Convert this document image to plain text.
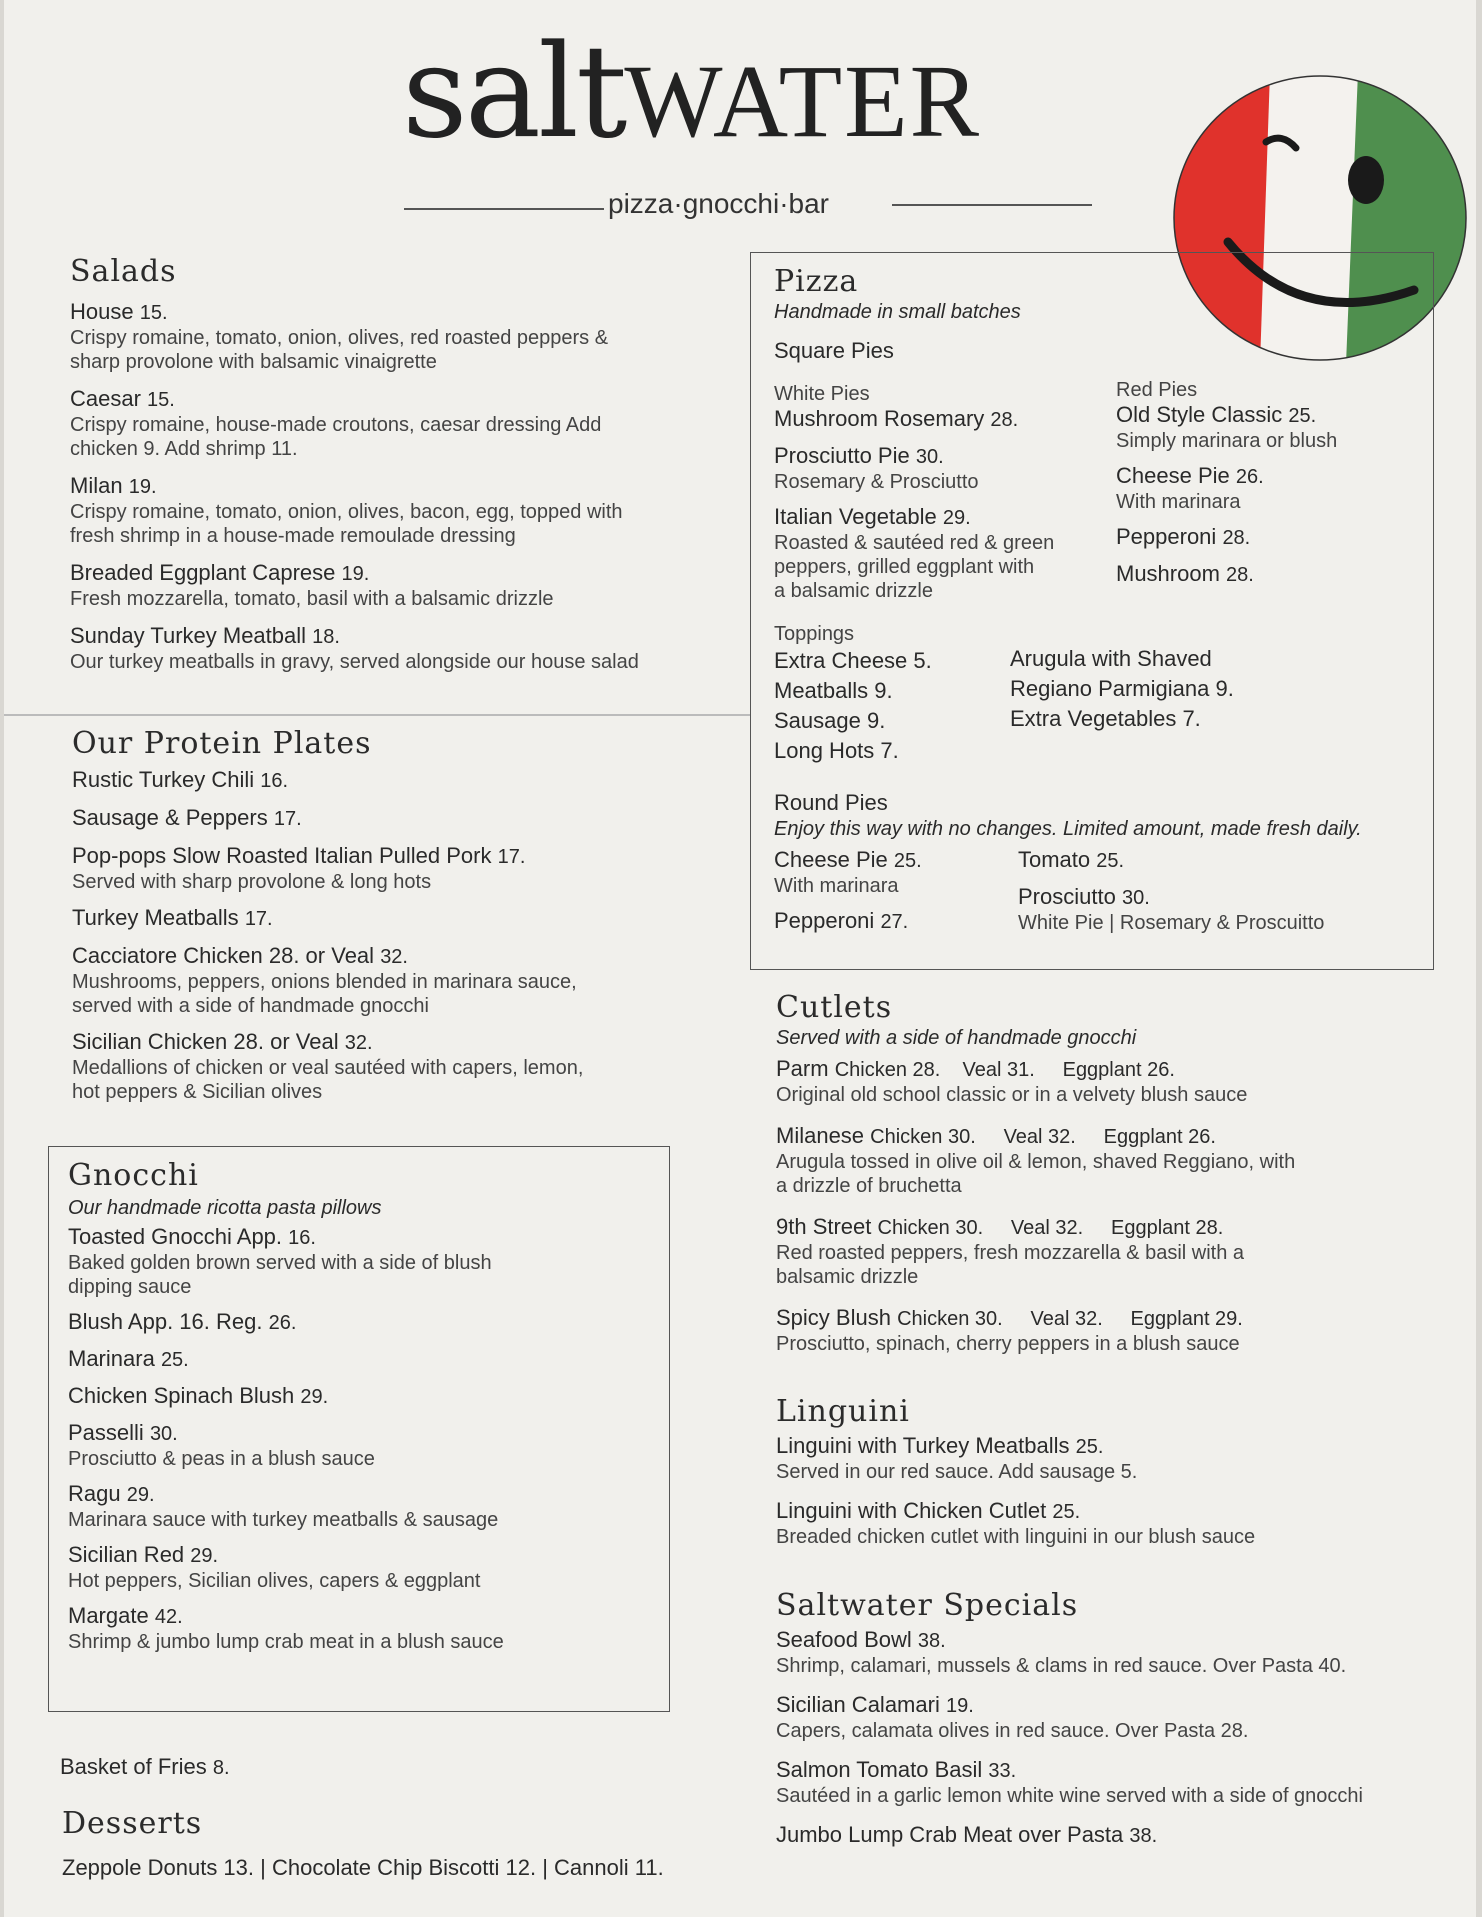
saltWATER
pizza·gnocchi·bar
Salads
House 15.
Crispy romaine, tomato, onion, olives, red roasted peppers &
sharp provolone with balsamic vinaigrette
Caesar 15.
Crispy romaine, house-made croutons, caesar dressing Add
chicken 9. Add shrimp 11.
Milan 19.
Crispy romaine, tomato, onion, olives, bacon, egg, topped with
fresh shrimp in a house-made remoulade dressing
Breaded Eggplant Caprese 19.
Fresh mozzarella, tomato, basil with a balsamic drizzle
Sunday Turkey Meatball 18.
Our turkey meatballs in gravy, served alongside our house salad
Our Protein Plates
Rustic Turkey Chili 16.
Sausage & Peppers 17.
Pop-pops Slow Roasted Italian Pulled Pork 17.
Served with sharp provolone & long hots
Turkey Meatballs 17.
Cacciatore Chicken 28. or Veal 32.
Mushrooms, peppers, onions blended in marinara sauce,
served with a side of handmade gnocchi
Sicilian Chicken 28. or Veal 32.
Medallions of chicken or veal sautéed with capers, lemon,
hot peppers & Sicilian olives
Gnocchi
Our handmade ricotta pasta pillows
Toasted Gnocchi App. 16.
Baked golden brown served with a side of blush
dipping sauce
Blush App. 16. Reg. 26.
Marinara 25.
Chicken Spinach Blush 29.
Passelli 30.
Prosciutto & peas in a blush sauce
Ragu 29.
Marinara sauce with turkey meatballs & sausage
Sicilian Red 29.
Hot peppers, Sicilian olives, capers & eggplant
Margate 42.
Shrimp & jumbo lump crab meat in a blush sauce
Basket of Fries 8.
Desserts
Zeppole Donuts 13. | Chocolate Chip Biscotti 12. | Cannoli 11.
Pizza
Handmade in small batches
Square Pies
White Pies
Mushroom Rosemary 28.
Prosciutto Pie 30.
Rosemary & Prosciutto
Italian Vegetable 29.
Roasted & sautéed red & green
peppers, grilled eggplant with
a balsamic drizzle
Red Pies
Old Style Classic 25.
Simply marinara or blush
Cheese Pie 26.
With marinara
Pepperoni 28.
Mushroom 28.
Toppings
Extra Cheese 5.
Meatballs 9.
Sausage 9.
Long Hots 7.
Arugula with Shaved
Regiano Parmigiana 9.
Extra Vegetables 7.
Round Pies
Enjoy this way with no changes. Limited amount, made fresh daily.
Cheese Pie 25.
With marinara
Pepperoni 27.
Tomato 25.
Prosciutto 30.
White Pie | Rosemary & Proscuitto
Cutlets
Served with a side of handmade gnocchi
Parm Chicken 28.    Veal 31.     Eggplant 26.
Original old school classic or in a velvety blush sauce
Milanese Chicken 30.     Veal 32.     Eggplant 26.
Arugula tossed in olive oil & lemon, shaved Reggiano, with
a drizzle of bruchetta
9th Street Chicken 30.     Veal 32.     Eggplant 28.
Red roasted peppers, fresh mozzarella & basil with a
balsamic drizzle
Spicy Blush Chicken 30.     Veal 32.     Eggplant 29.
Prosciutto, spinach, cherry peppers in a blush sauce
Linguini
Linguini with Turkey Meatballs 25.
Served in our red sauce. Add sausage 5.
Linguini with Chicken Cutlet 25.
Breaded chicken cutlet with linguini in our blush sauce
Saltwater Specials
Seafood Bowl 38.
Shrimp, calamari, mussels & clams in red sauce. Over Pasta 40.
Sicilian Calamari 19.
Capers, calamata olives in red sauce. Over Pasta 28.
Salmon Tomato Basil 33.
Sautéed in a garlic lemon white wine served with a side of gnocchi
Jumbo Lump Crab Meat over Pasta 38.
